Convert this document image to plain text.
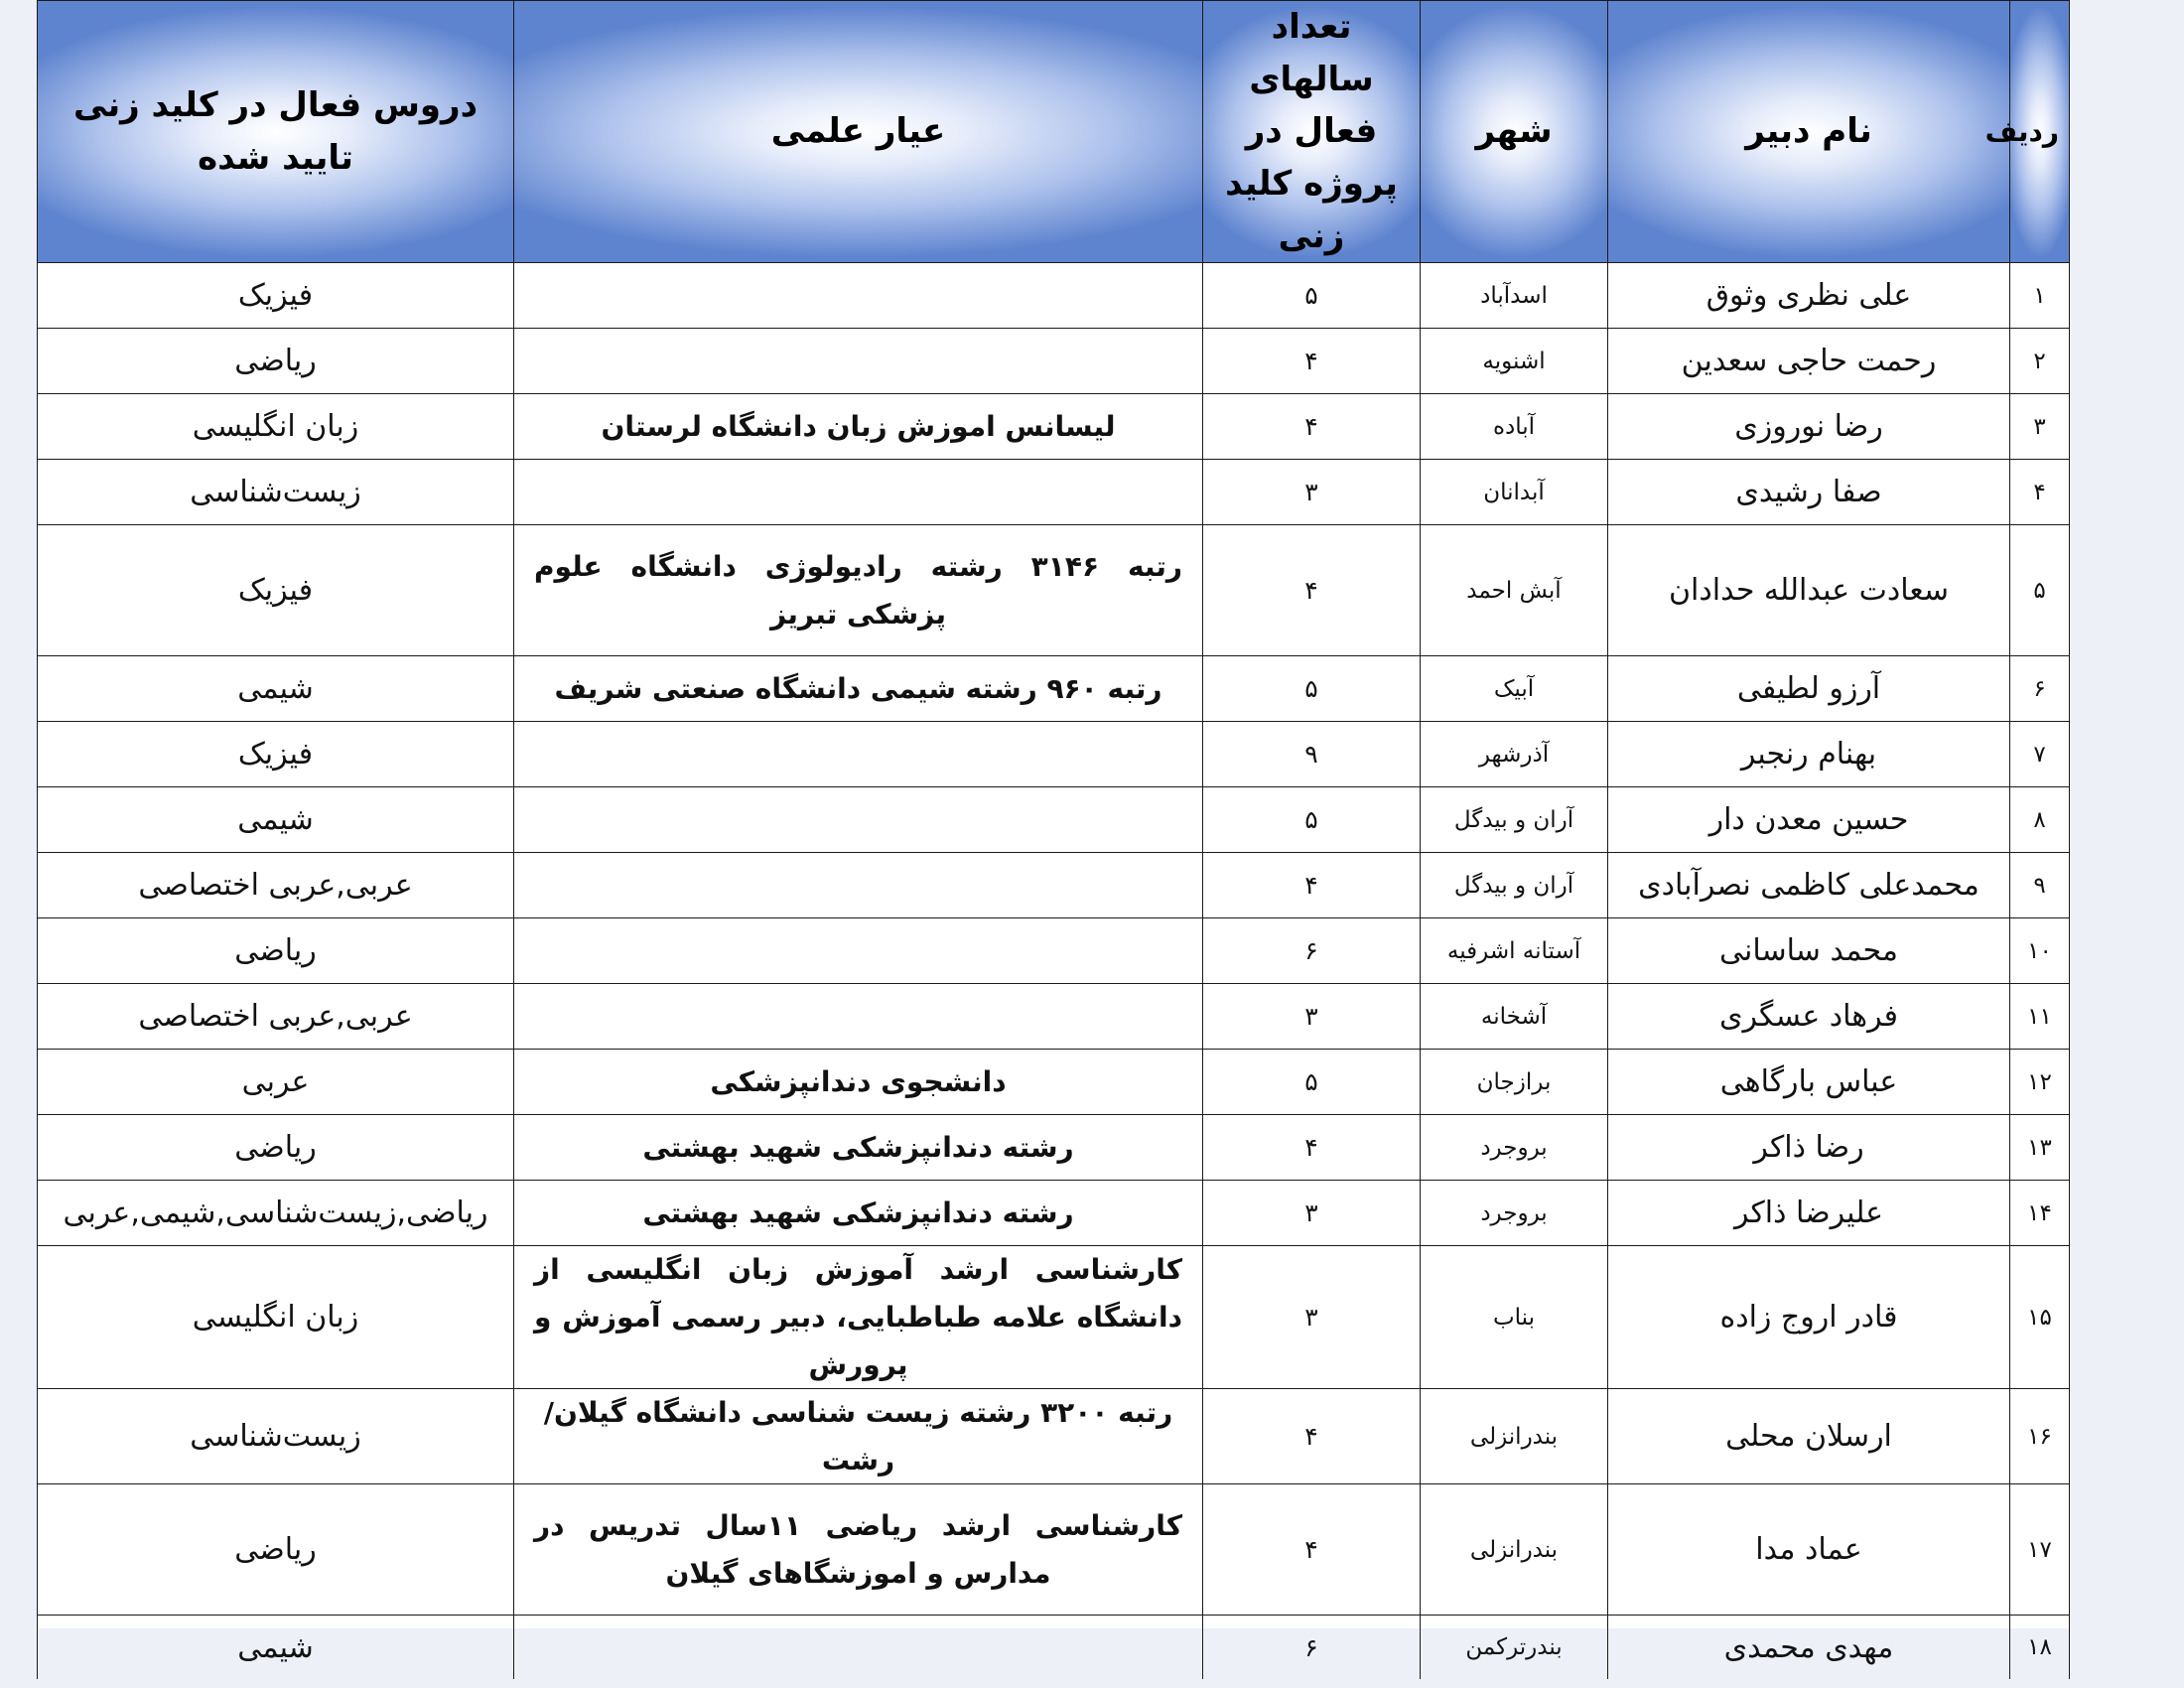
ردیف	نام دبیر	شهر	تعداد سالهای فعال در پروژه کلید زنی	عیار علمی	دروس فعال در کلید زنی تایید شده
۱	علی نظری وثوق	اسدآباد	۵		فیزیک
۲	رحمت حاجی سعدین	اشنویه	۴		ریاضی
۳	رضا نوروزی	آباده	۴	لیسانس اموزش زبان دانشگاه لرستان	زبان انگلیسی
۴	صفا رشیدی	آبدانان	۳		زیست‌شناسی
۵	سعادت عبدالله حدادان	آبش احمد	۴	رتبه ۳۱۴۶ رشته رادیولوژی دانشگاه علوم پزشکی تبریز	فیزیک
۶	آرزو لطیفی	آبیک	۵	رتبه ۹۶۰ رشته شیمی دانشگاه صنعتی شریف	شیمی
۷	بهنام رنجبر	آذرشهر	۹		فیزیک
۸	حسین معدن دار	آران و بیدگل	۵		شیمی
۹	محمدعلی کاظمی نصرآبادی	آران و بیدگل	۴		عربی,عربی اختصاصی
۱۰	محمد ساسانی	آستانه اشرفیه	۶		ریاضی
۱۱	فرهاد عسگری	آشخانه	۳		عربی,عربی اختصاصی
۱۲	عباس بارگاهی	برازجان	۵	دانشجوی دندانپزشکی	عربی
۱۳	رضا ذاکر	بروجرد	۴	رشته دندانپزشکی شهید بهشتی	ریاضی
۱۴	علیرضا ذاکر	بروجرد	۳	رشته دندانپزشکی شهید بهشتی	ریاضی,زیست‌شناسی,شیمی,عربی
۱۵	قادر اروج زاده	بناب	۳	کارشناسی ارشد آموزش زبان انگلیسی از دانشگاه علامه طباطبایی، دبیر رسمی آموزش و پرورش	زبان انگلیسی
۱۶	ارسلان محلی	بندرانزلی	۴	رتبه ۳۲۰۰ رشته زیست شناسی دانشگاه گیلان/ رشت	زیست‌شناسی
۱۷	عماد مدا	بندرانزلی	۴	کارشناسی ارشد ریاضی ۱۱سال تدریس در مدارس و اموزشگاهای گیلان	ریاضی
۱۸	مهدی محمدی	بندرترکمن	۶		شیمی
